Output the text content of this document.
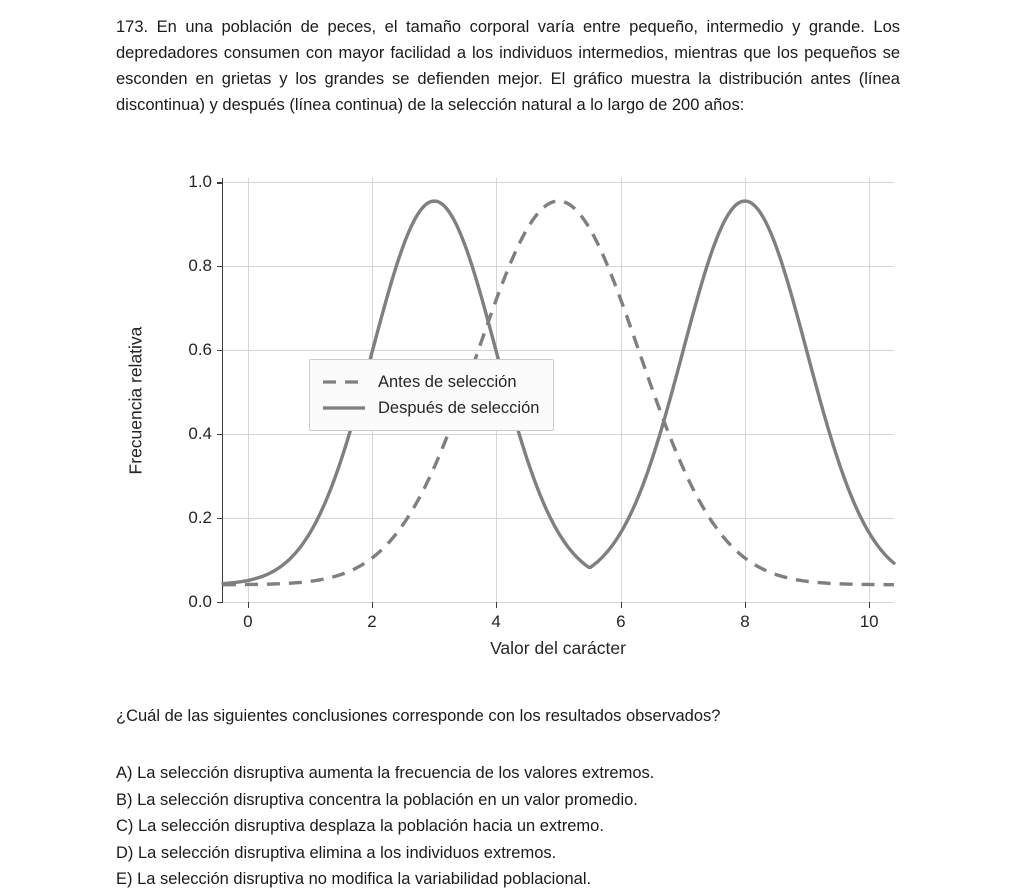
173. En una población de peces, el tamaño corporal varía entre pequeño, intermedio y grande. Los depredadores consumen con mayor facilidad a los individuos intermedios, mientras que los pequeños se esconden en grietas y los grandes se defienden mejor. El gráfico muestra la distribución antes (línea discontinua) y después (línea continua) de la selección natural a lo largo de 200 años:
Frecuencia relativa
Valor del carácter
0.0
0.2
0.4
0.6
0.8
1.0
0	2	4	6	8	10
Antes de selección
Después de selección
¿Cuál de las siguientes conclusiones corresponde con los resultados observados?
A) La selección disruptiva aumenta la frecuencia de los valores extremos.
B) La selección disruptiva concentra la población en un valor promedio.
C) La selección disruptiva desplaza la población hacia un extremo.
D) La selección disruptiva elimina a los individuos extremos.
E) La selección disruptiva no modifica la variabilidad poblacional.
